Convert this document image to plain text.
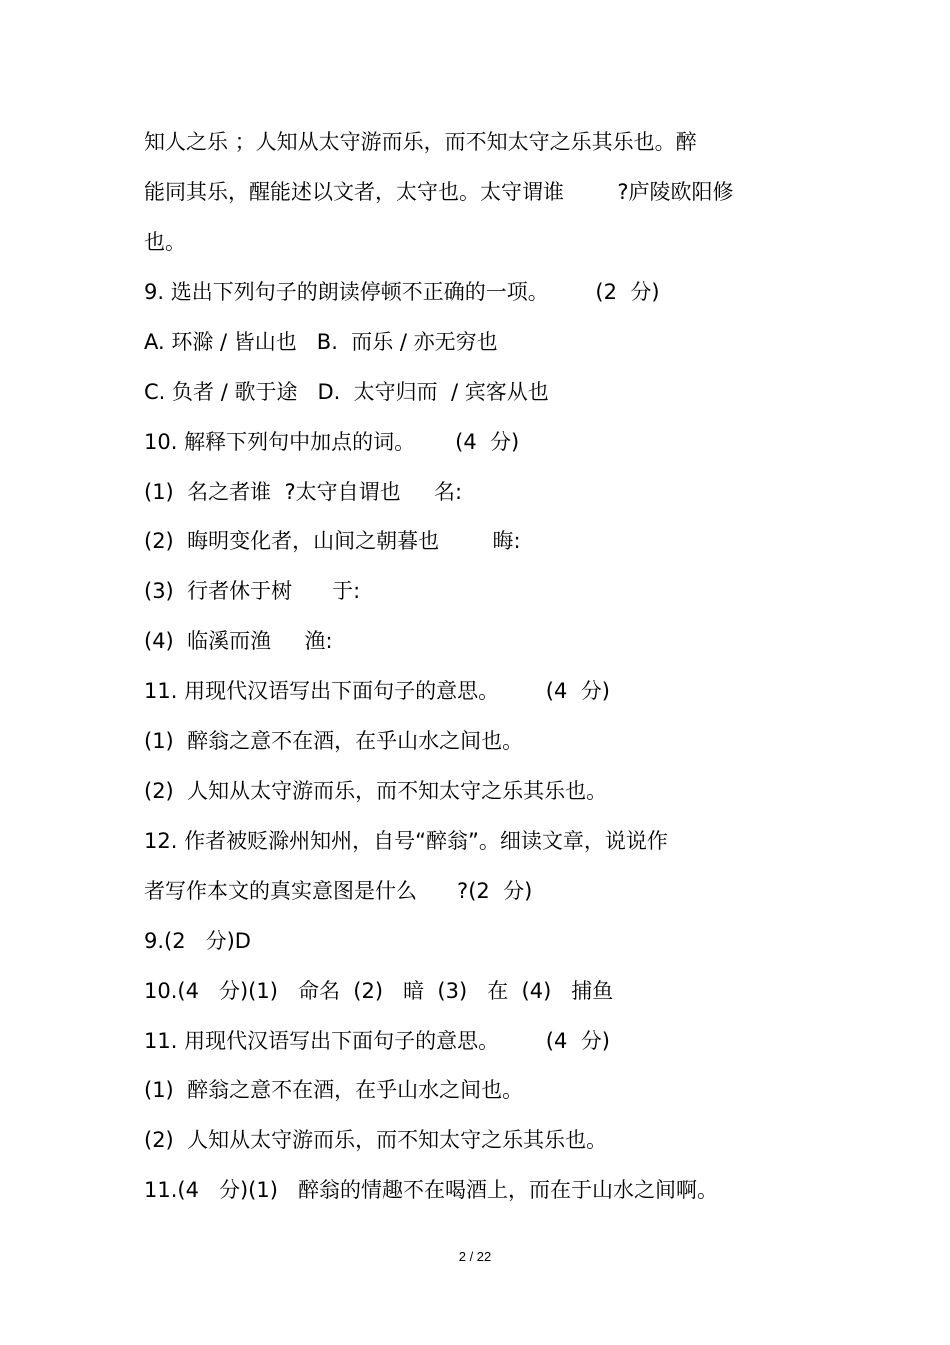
知人之乐 ；人知从太守游而乐，而不知太守之乐其乐也。醉
能同其乐，醒能述以文者，太守也。太守谓谁        ?庐陵欧阳修
也。
9. 选出下列句子的朗读停顿不正确的一项。       (2  分)
A. 环滁 / 皆山也   B.  而乐 / 亦无穷也
C. 负者 / 歌于途   D.  太守归而  / 宾客从也
10. 解释下列句中加点的词。      (4  分)
(1)  名之者谁  ?太守自谓也     名:
(2)  晦明变化者，山间之朝暮也        晦:
(3)  行者休于树      于:
(4)  临溪而渔     渔:
11. 用现代汉语写出下面句子的意思。       (4  分)
(1)  醉翁之意不在酒，在乎山水之间也。
(2)  人知从太守游而乐，而不知太守之乐其乐也。
12. 作者被贬滁州知州，自号“醉翁”。细读文章，说说作
者写作本文的真实意图是什么      ?(2  分)
9.(2   分)D
10.(4   分)(1)   命名  (2)   暗  (3)   在  (4)   捕鱼
11. 用现代汉语写出下面句子的意思。       (4  分)
(1)  醉翁之意不在酒，在乎山水之间也。
(2)  人知从太守游而乐，而不知太守之乐其乐也。
11.(4   分)(1)   醉翁的情趣不在喝酒上，而在于山水之间啊。
2 / 22
